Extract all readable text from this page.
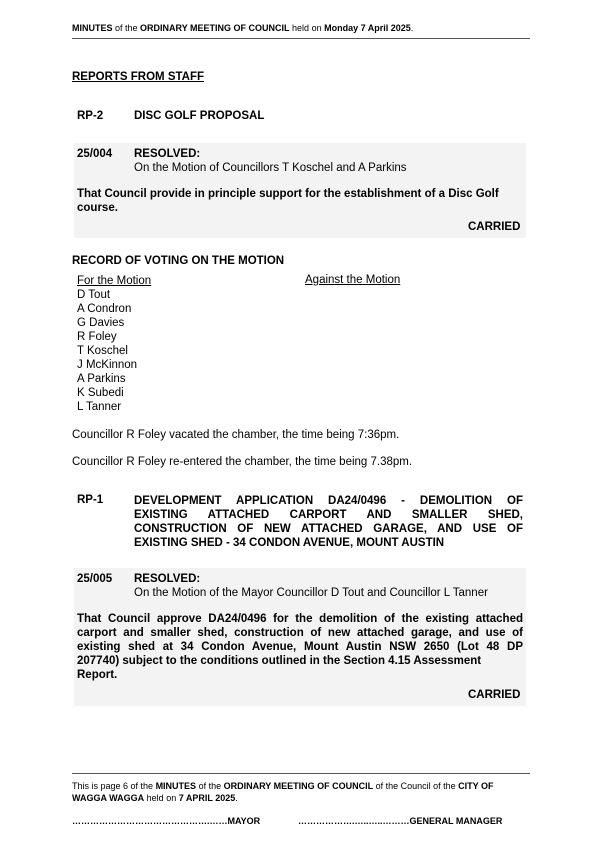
MINUTES of the ORDINARY MEETING OF COUNCIL held on Monday 7 April 2025.
REPORTS FROM STAFF
RP-2	DISC GOLF PROPOSAL
25/004 RESOLVED:
On the Motion of Councillors T Koschel and A Parkins
That Council provide in principle support for the establishment of a Disc Golf course.
CARRIED
RECORD OF VOTING ON THE MOTION
For the Motion	Against the Motion
D Tout
A Condron
G Davies
R Foley
T Koschel
J McKinnon
A Parkins
K Subedi
L Tanner
Councillor R Foley vacated the chamber, the time being 7:36pm.
Councillor R Foley re-entered the chamber, the time being 7.38pm.
RP-1	DEVELOPMENT APPLICATION DA24/0496 - DEMOLITION OF
EXISTING ATTACHED CARPORT AND SMALLER SHED,
CONSTRUCTION OF NEW ATTACHED GARAGE, AND USE OF
EXISTING SHED - 34 CONDON AVENUE, MOUNT AUSTIN
25/005 RESOLVED:
On the Motion of the Mayor Councillor D Tout and Councillor L Tanner
That Council approve DA24/0496 for the demolition of the existing attached
carport and smaller shed, construction of new attached garage, and use of
existing shed at 34 Condon Avenue, Mount Austin NSW 2650 (Lot 48 DP
207740) subject to the conditions outlined in the Section 4.15 Assessment Report.
CARRIED
This is page 6 of the MINUTES of the ORDINARY MEETING OF COUNCIL of the Council of the CITY OF WAGGA WAGGA held on 7 APRIL 2025.
……………………………………….……MAYOR	……………….…..…..………GENERAL MANAGER
